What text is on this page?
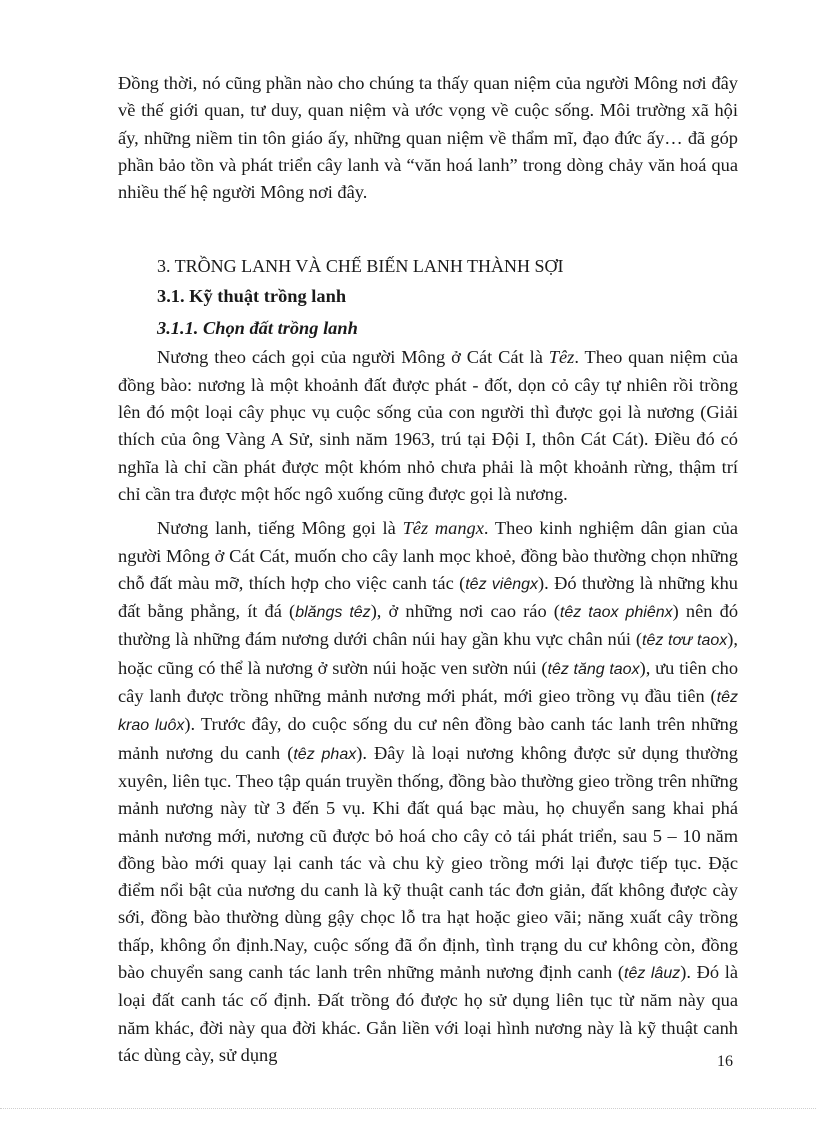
Đồng thời, nó cũng phần nào cho chúng ta thấy quan niệm của người Mông nơi đây về thế giới quan, tư duy, quan niệm và ước vọng về cuộc sống. Môi trường xã hội ấy, những niềm tin tôn giáo ấy, những quan niệm về thẩm mĩ, đạo đức ấy… đã góp phần bảo tồn và phát triển cây lanh và “văn hoá lanh” trong dòng chảy văn hoá qua nhiều thế hệ người Mông nơi đây.

3. TRỒNG LANH VÀ CHẾ BIẾN LANH THÀNH SỢI
3.1. Kỹ thuật trồng lanh
3.1.1. Chọn đất trồng lanh

Nương theo cách gọi của người Mông ở Cát Cát là Têz. Theo quan niệm của đồng bào: nương là một khoảnh đất được phát - đốt, dọn cỏ cây tự nhiên rồi trồng lên đó một loại cây phục vụ cuộc sống của con người thì được gọi là nương (Giải thích của ông Vàng A Sử, sinh năm 1963, trú tại Đội I, thôn Cát Cát). Điều đó có nghĩa là chỉ cần phát được một khóm nhỏ chưa phải là một khoảnh rừng, thậm trí chỉ cần tra được một hốc ngô xuống cũng được gọi là nương.

Nương lanh, tiếng Mông gọi là Têz mangx. Theo kinh nghiệm dân gian của người Mông ở Cát Cát, muốn cho cây lanh mọc khoẻ, đồng bào thường chọn những chỗ đất màu mỡ, thích hợp cho việc canh tác (têz viêngx). Đó thường là những khu đất bằng phẳng, ít đá (blăngs têz), ở những nơi cao ráo (têz taox phiênx) nên đó thường là những đám nương dưới chân núi hay gần khu vực chân núi (têz tơư taox), hoặc cũng có thể là nương ở sườn núi hoặc ven sườn núi (têz tăng taox), ưu tiên cho cây lanh được trồng những mảnh nương mới phát, mới gieo trồng vụ đầu tiên (têz krao luôx). Trước đây, do cuộc sống du cư nên đồng bào canh tác lanh trên những mảnh nương du canh (têz phax). Đây là loại nương không được sử dụng thường xuyên, liên tục. Theo tập quán truyền thống, đồng bào thường gieo trồng trên những mảnh nương này từ 3 đến 5 vụ. Khi đất quá bạc màu, họ chuyển sang khai phá mảnh nương mới, nương cũ được bỏ hoá cho cây cỏ tái phát triển, sau 5 – 10 năm đồng bào mới quay lại canh tác và chu kỳ gieo trồng mới lại được tiếp tục. Đặc điểm nổi bật của nương du canh là kỹ thuật canh tác đơn giản, đất không được cày sới, đồng bào thường dùng gậy chọc lỗ tra hạt hoặc gieo vãi; năng xuất cây trồng thấp, không ổn định.Nay, cuộc sống đã ổn định, tình trạng du cư không còn, đồng bào chuyển sang canh tác lanh trên những mảnh nương định canh (têz lâuz). Đó là loại đất canh tác cố định. Đất trồng đó được họ sử dụng liên tục từ năm này qua năm khác, đời này qua đời khác. Gắn liền với loại hình nương này là kỹ thuật canh tác dùng cày, sử dụng	16
